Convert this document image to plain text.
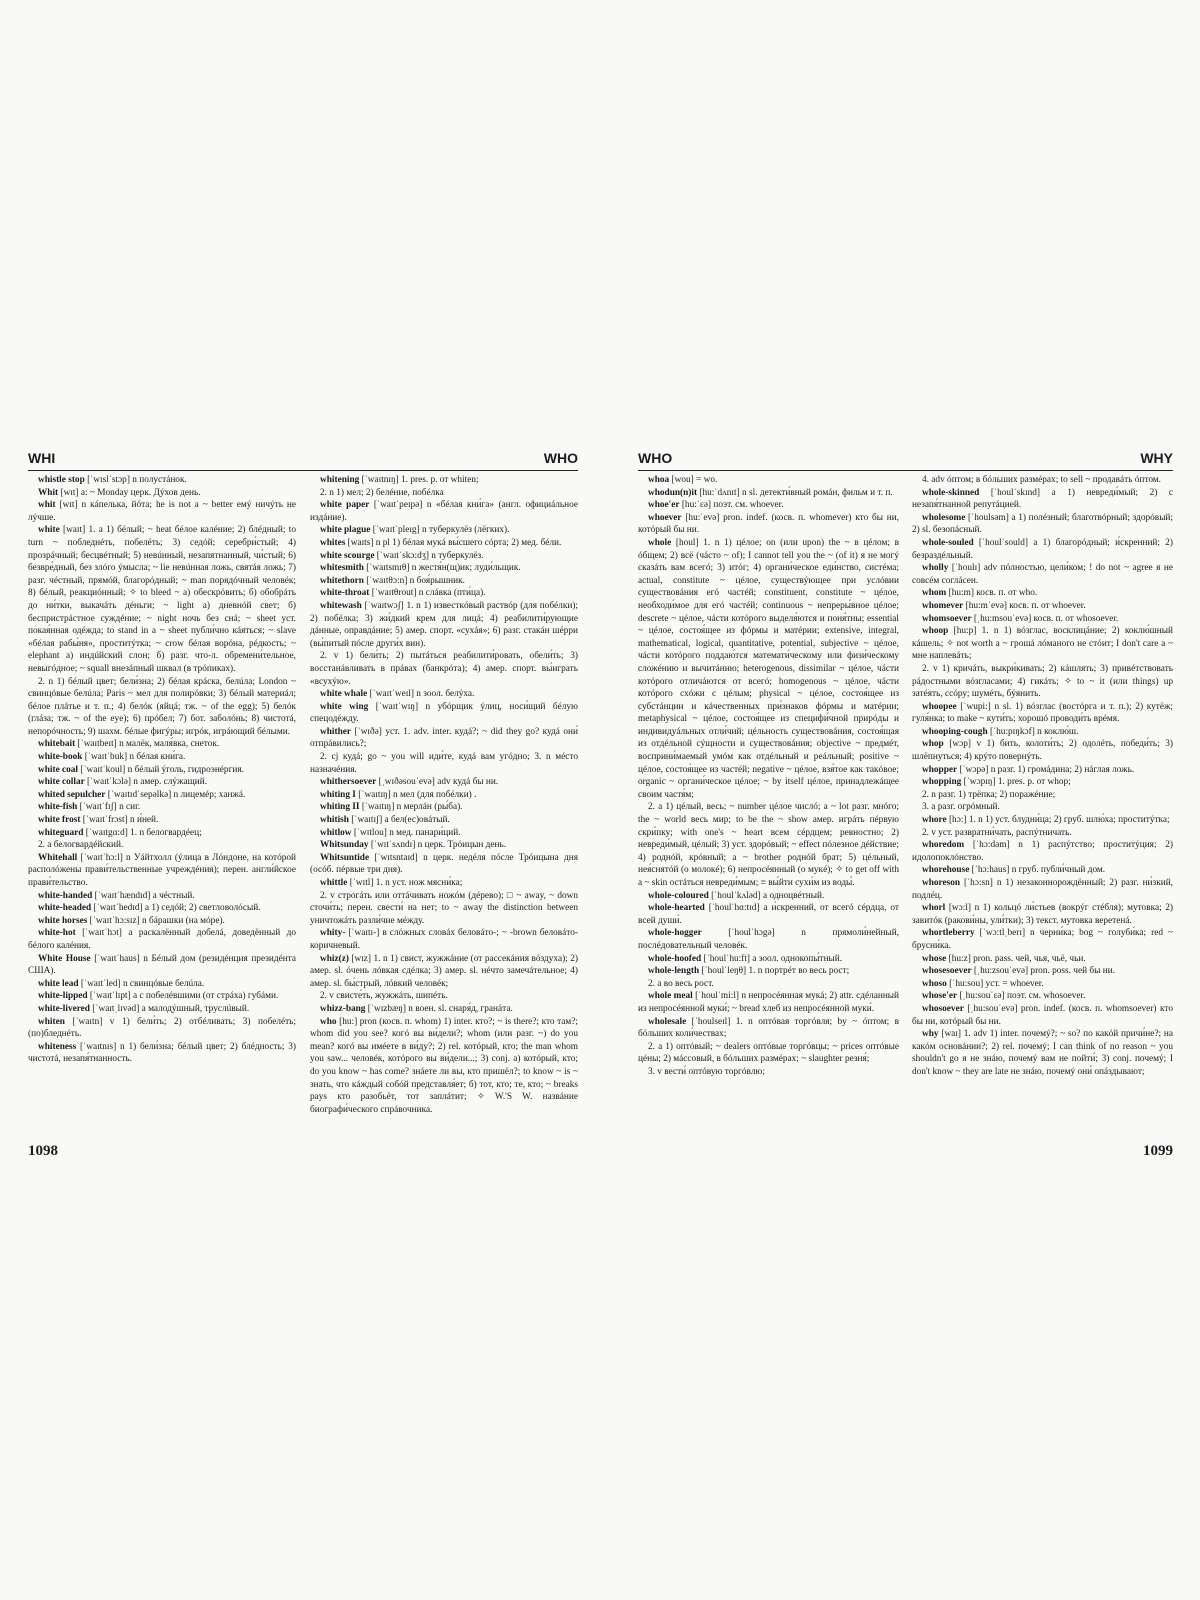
WHI	WHO

whistle stop [ˈwɪslˈstɔp] n полустáнок.

Whit [wɪt] a: ~ Monday церк. Дýхов день.

whit [wɪt] n кáпелька, йóта; he is not a ~ better емý ничýть не лýчше.

white [waɪt] 1. a 1) бéлый; ~ heat бéлое калéние; 2) блéдный; to turn ~ побледнéть, побелéть; 3) седóй; серебри́стый; 4) прозрáчный; бесцвéтный; 5) невúнный, незапятнанный, чи́стый; 6) безвре́дный, без злóго ýмысла; ~ lie невúнная ложь, святáя ложь; 7) разг. чéстный, прямóй, благорóдный; ~ man порядóчный человéк; 8) бéлый, реакциóнный; ✧ to bleed ~ a) обескрóвить; б) обобрáть до ни́тки, выкачáть дéньги; ~ light a) дневнóй свет; б) беспристрáстное суждéние; ~ night ночь без снá; ~ sheet уст. покая́нная одéжда; to stand in a ~ sheet публи́чно кáяться; ~ slave «бéлая рабы́ня», проститýтка; ~ crow бéлая ворóна, рéдкость; ~ elephant a) индúйский слон; б) разг. что-л. обремени́тельное, невыгóдное; ~ squall внезáпный шквал (в трóпиках).

2. n 1) бéлый цвет; бели́зна; 2) бéлая крáска, белúла; London ~ свинцóвые белúла; Paris ~ мел для полирóвки; 3) бéлый материáл; бéлое плáтье и т. п.; 4) белóк (яйцá; тж. ~ of the egg); 5) белóк (глáза; тж. ~ of the eye); 6) прóбел; 7) бот. заболóнь; 8) чистотá, непорóчность; 9) шахм. бéлые фигýры; игрóк, игрáющий бéлыми.

whitebait [ˈwaɪtbeɪt] n малёк, маля́вка, снеток.

white-book [ˈwaɪtˈbuk] n бéлая кни́га.

white coal [ˈwaɪtˈkoul] n бéлый ýголь, гидроэнéргия.

white collar [ˈwaɪtˈkɔlə] n амер. слýжащий.

whited sepulcher [ˈwaɪtɪdˈsepəlkə] n лицемéр; ханжá.

white-fish [ˈwaɪtˈfɪʃ] n сиг.

white frost [ˈwaɪtˈfrɔst] n и́ней.

whiteguard [ˈwaɪtgɑ:d] 1. n белогвардéец;

2. a белогвардéйский.

Whitehall [ˈwaɪtˈhɔ:l] n Уáйтхолл (ýлица в Лóндоне, на котóрой располóжены прави́тельственные учреждéния); перен. англи́йское прави́тельство.

white-handed [ˈwaɪtˈhændɪd] a чéстный.

white-headed [ˈwaɪtˈhedɪd] a 1) седóй; 2) светловолóсый.

white horses [ˈwaɪtˈhɔ:sɪz] n бáрашки (на мóре).

white-hot [ˈwaɪtˈhɔt] a раскалённый добелá, доведённый до бéлого калéния.

White House [ˈwaɪtˈhaus] n Бéлый дом (резидéнция президéнта США).

white lead [ˈwaɪtˈled] n свинцóвые белúла.

white-lipped [ˈwaɪtˈlɪpt] a с побелéвшими (от стрáха) губáми.

white-livered [ˈwaɪtˌlɪvəd] a малодýшный, труслúвый.

whiten [ˈwaɪtn] v 1) бели́ть; 2) отбéливать; 3) побелéть; (по)бледнéть.

whiteness [ˈwaɪtnɪs] n 1) бели́зна; бéлый цвет; 2) блéдность; 3) чистотá, незапя́тнанность.

whitening [ˈwaɪtnɪŋ] 1. pres. p. от whiten;

2. n 1) мел; 2) белéние, побéлка

white paper [ˈwaɪtˈpeɪpə] n «бéлая кни́га» (англ. официáльное издáние).

white plague [ˈwaɪtˈpleɪg] n туберкулёз (лёгких).

whites [waɪts] n pl 1) бéлая мукá вы́сшего сóрта; 2) мед. бéли.

white scourge [ˈwaɪtˈskɔ:dʒ] n туберкулёз.

whitesmith [ˈwaɪtsmɪθ] n жестя́н(щ)ик; луди́льщик.

whitethorn [ˈwaɪtθɔ:n] n боя́рышник.

white-throat [ˈwaɪtθrout] n слáвка (пти́ца).

whitewash [ˈwaɪtwɔʃ] 1. n 1) известкóвый раствóр (для побéлки); 2) побéлка; 3) жи́дкий крем для лицá; 4) реабилити́рующие дáнные, оправдáние; 5) амер. спорт. «сухáя»; 6) разг. стакáн шéрри (вы́питый пóсле други́х вин).

2. v 1) бели́ть; 2) пытáться реабилити́ровать, обели́ть; 3) восстанáвливать в прáвах (банкрóта); 4) амер. спорт. вы́играть «всухýю».

white whale [ˈwaɪtˈweɪl] n зоол. белýха.

white wing [ˈwaɪtˈwɪŋ] n убóрщик ýлиц, носи́щий бéлую спецодéжду.

whither [ˈwɪðə] уст. 1. adv. inter. кудá?; ~ did they go? кудá они́ отпрáвились?;

2. cj кудá; go ~ you will иди́те, кудá вам угóдно; 3. n мéсто назначéния.

whithersoever [ˌwɪðəsouˈevə] adv кудá бы ни.

whiting I [ˈwaɪtɪŋ] n мел (для побéлки) .

whiting II [ˈwaɪtɪŋ] n мерлáн (ры́ба).

whitish [ˈwaɪtɪʃ] a бел(ес)овáтый.

whitlow [ˈwɪtlou] n мед. панари́ций.

Whitsunday [ˈwɪtˈsʌndɪ] n церк. Трóицын день.

Whitsuntide [ˈwɪtsntaɪd] n церк. недéля пóсле Трóицына дня (осóб. пéрвые три дня).

whittle [ˈwɪtl] 1. n уст. нож мясни́ка;

2. v строгáть или оттáчивать ножóм (дéрево); □ ~ away, ~ down сточи́ть; перен. свести́ на нет; to ~ away the distinction between уничтожáть разли́чие мéжду.

whity- [ˈwaɪtɪ-] в слóжных словáх беловáто-; ~ -brown беловáто-коричневый.

whiz(z) [wɪz] 1. n 1) свист, жужжáние (от рассекáния вóздуха); 2) амер. sl. óчень лóвкая сдéлка; 3) амер. sl. нéчто замечáтельное; 4) амер. sl. бы́стрый, лóвкий человéк;

2. v свисте́ть, жужжáть, шипéть.

whizz-bang [ˈwɪzbæŋ] n воен. sl. снаря́д, гранáта.

who [hu:] pron (косв. п. whom) 1) inter. кто?; ~ is there?; кто там?; whom did you see? когó вы ви́дели?; whom (или разг. ~) do you mean? когó вы имéете в ви́ду?; 2) rel. котóрый, кто; the man whom you saw... человéк, котóрого вы ви́дели...; 3) conj. а) котóрый, кто; do you know ~ has come? знáете ли вы, кто пришёл?; to know ~ is ~ знать, что кáждый собóй представля́ет; б) тот, кто; те, кто; ~ breaks pays кто разобьёт, тот заплáтит; ✧ W.'S W. назвáние биографи́ческого спрáвочника.

1098
WHO	WHY

whoa [wou] = wo.

whodun(n)it [hu:ˈdʌnɪt] n sl. детекти́вный ромáн, фильм и т. п.

whoe'er [hu:ˈɛə] поэт. см. whoever.

whoever [hu:ˈevə] pron. indef. (косв. п. whomever) кто бы ни, котóрый бы ни.

whole [houl] 1. n 1) цéлое; on (или upon) the ~ в цéлом; в óбщем; 2) всё (чáсто ~ of); I cannot tell you the ~ (of it) я не могý сказáть вам всегó; 3) итóг; 4) органи́ческое еди́нство, систéма; actual, constitute ~ цéлое, существýющее при услóвии существовáния егó частéй; constituent, constitute ~ цéлое, необходи́мое для егó частéй; continuous ~ непреры́вное цéлое; descrete ~ цéлое, чáсти котóрого выделя́ются и поня́тны; essential ~ цéлое, состоя́щее из фóрмы и матéрии; extensive, integral, mathematical, logical, quantitative, potential, subjective ~ цéлое, чáсти котóрого поддаю́тся математи́ческому или физи́ческому сложéнию и вычитáнию; heterogenous, dissimilar ~ цéлое, чáсти котóрого отличáются от всегó; homogenous ~ цéлое, чáсти котóрого схóжи с цéлым; physical ~ цéлое, состоя́щее из субстáнции и кáчественных при́знаков фóрмы и матéрии; metaphysical ~ цéлое, состоя́щее из специфи́чной прирóды и индивидуáльных отли́чий; цéльность существовáния, состоя́щая из отдéльной сýщности и существовáния; objective ~ предмéт, восприни́маемый умóм как отдéльный и реáльный; positive ~ цéлое, состоя́щее из частéй; negative ~ цéлое, взя́тое как такóвое; organic ~ органи́ческое цéлое; ~ by itself цéлое, принадлежáщее своим частя́м;

2. a 1) цéлый, весь; ~ number цéлое числó; a ~ lot разг. мнóго; the ~ world весь мир; to be the ~ show амер. игрáть пéрвую скри́пку; with one's ~ heart всем сéрдцем; ревностно; 2) невреди́мый, цéлый; 3) уст. здорóвый; ~ effect пóлезное дéйствие; 4) роднóй, крóвный; a ~ brother роднóй брат; 5) цéльный, нея́снятóй (о молокé); 6) непросéянный (о мукé); ✧ to get off with a ~ skin остáться невреди́мым; ≡ вы́йти сухи́м из воды́.

whole-coloured [ˈhoulˈkʌləd] a одноцвéтный.

whole-hearted [ˈhoulˈhɑ:tɪd] a и́скренний, от всегó сéрдца, от всей души́.

whole-hogger [ˈhoulˈhɔgə] n прямоли́нейный, послéдовательный человéк.

whole-hoofed [ˈhoulˈhu:ft] a зоол. однокопы́тный.

whole-length [ˈhoulˈleŋθ] 1. n портрéт во весь рост;

2. a во весь рост.

whole meal [ˈhoulˈmi:l] n непросéянная мукá; 2) attr. сдéланный из непросéянной муки́; ~ bread хлеб из непросéянной муки́.

wholesale [ˈhoulseɪl] 1. n оптóвая торгóвля; by ~ óптом; в бóльших коли́чествах;

2. a 1) оптóвый; ~ dealers оптóвые торгóвцы; ~ prices оптóвые цéны; 2) мáссовый, в бóльших размéрах; ~ slaughter резня́;

3. v вести́ оптóвую торгóвлю;

4. adv óптом; в бóльших размéрах; to sell ~ продавáть óптом.

whole-skinned [ˈhoulˈskɪnd] a 1) невреди́мый; 2) с незапя́тнанной репутáцией.

wholesome [ˈhoulsəm] a 1) полéзный; благотвóрный; здорóвый; 2) sl. безопáсный.

whole-souled [ˈhoulˈsould] a 1) благорóдный; и́скренний; 2) безраздéльный.

wholly [ˈhoulɪ] adv пóлностью, цели́ком; ! do not ~ agree я не совсéм соглáсен.

whom [hu:m] косв. п. от who.

whomever [hu:mˈevə] косв. п. от whoever.

whomsoever [ˌhu:msouˈevə] косв. п. от whosoever.

whoop [hu:p] 1. n 1) вóзглас, восклицáние; 2) коклю́шный кáшель; ✧ not worth a ~ грошá лóманого не стóит; I don't care a ~ мне наплевáть;

2. v 1) кричáть, выкри́кивать; 2) кáшлять; 3) привéтствовать рáдостными вóзгласами; 4) гикáть; ✧ to ~ it (или things) up затéять, ссóру; шумéть, бýянить.

whoopee [ˈwupi:] n sl. 1) вóзглас (востóрга и т. п.); 2) кутёж; гуля́нка; to make ~ кути́ть; хорошó проводи́ть врéмя.

whooping-cough [ˈhu:pɪŋkɔf] n коклю́ш.

whop [wɔp] v 1) бить, колоти́ть; 2) одолéть, победи́ть; 3) шлёпнуться; 4) крýто повернýть.

whopper [ˈwɔpə] n разг. 1) громáдина; 2) нáглая ложь.

whopping [ˈwɔpɪŋ] 1. pres. p. от whop;

2. n разг. 1) трёпка; 2) поражéние;

3. a разг. огрóмный.

whore [hɔ:] 1. n 1) уст. блудни́ца; 2) груб. шлю́ха; проститýтка;

2. v уст. развратни́чать, распýтничать.

whoredom [ˈhɔ:dəm] n 1) распýтство; проститýция; 2) идолопоклóнство.

whorehouse [ˈhɔ:haus] n груб. публи́чный дом.

whoreson [ˈhɔ:sn] n 1) незаконнорождённый; 2) разг. ни́зкий, подлéц.

whorl [wɔ:l] n 1) кольцó ли́стьев (вокрýг стéбля); мутовка; 2) завитóк (ракови́ны, ули́тки); 3) текст. мутовка веретенá.

whortleberry [ˈwɔ:tlˌberɪ] n черни́ка; bog ~ голуби́ка; red ~ брусни́ка.

whose [hu:z] pron. pass. чей, чья, чьё, чьи.

whosesoever [ˌhu:zsouˈevə] pron. poss. чей бы ни.

whoso [ˈhu:sou] уст. = whoever.

whose'er [ˌhu:souˈɛə] поэт. см. whosoever.

whosoever [ˌhu:souˈevə] pron. indef. (косв. п. whomsoever) кто бы ни, котóрый бы ни.

why [waɪ] 1. adv 1) inter. почемý?; ~ so? по какóй причи́не?; на какóм основáнии?; 2) rel. почемý; I can think of no reason ~ you shouldn't go я не знáю, почемý вам не пойти́; 3) conj. почемý; I don't know ~ they are late не знáю, почемý они́ опáздывают;

1099
